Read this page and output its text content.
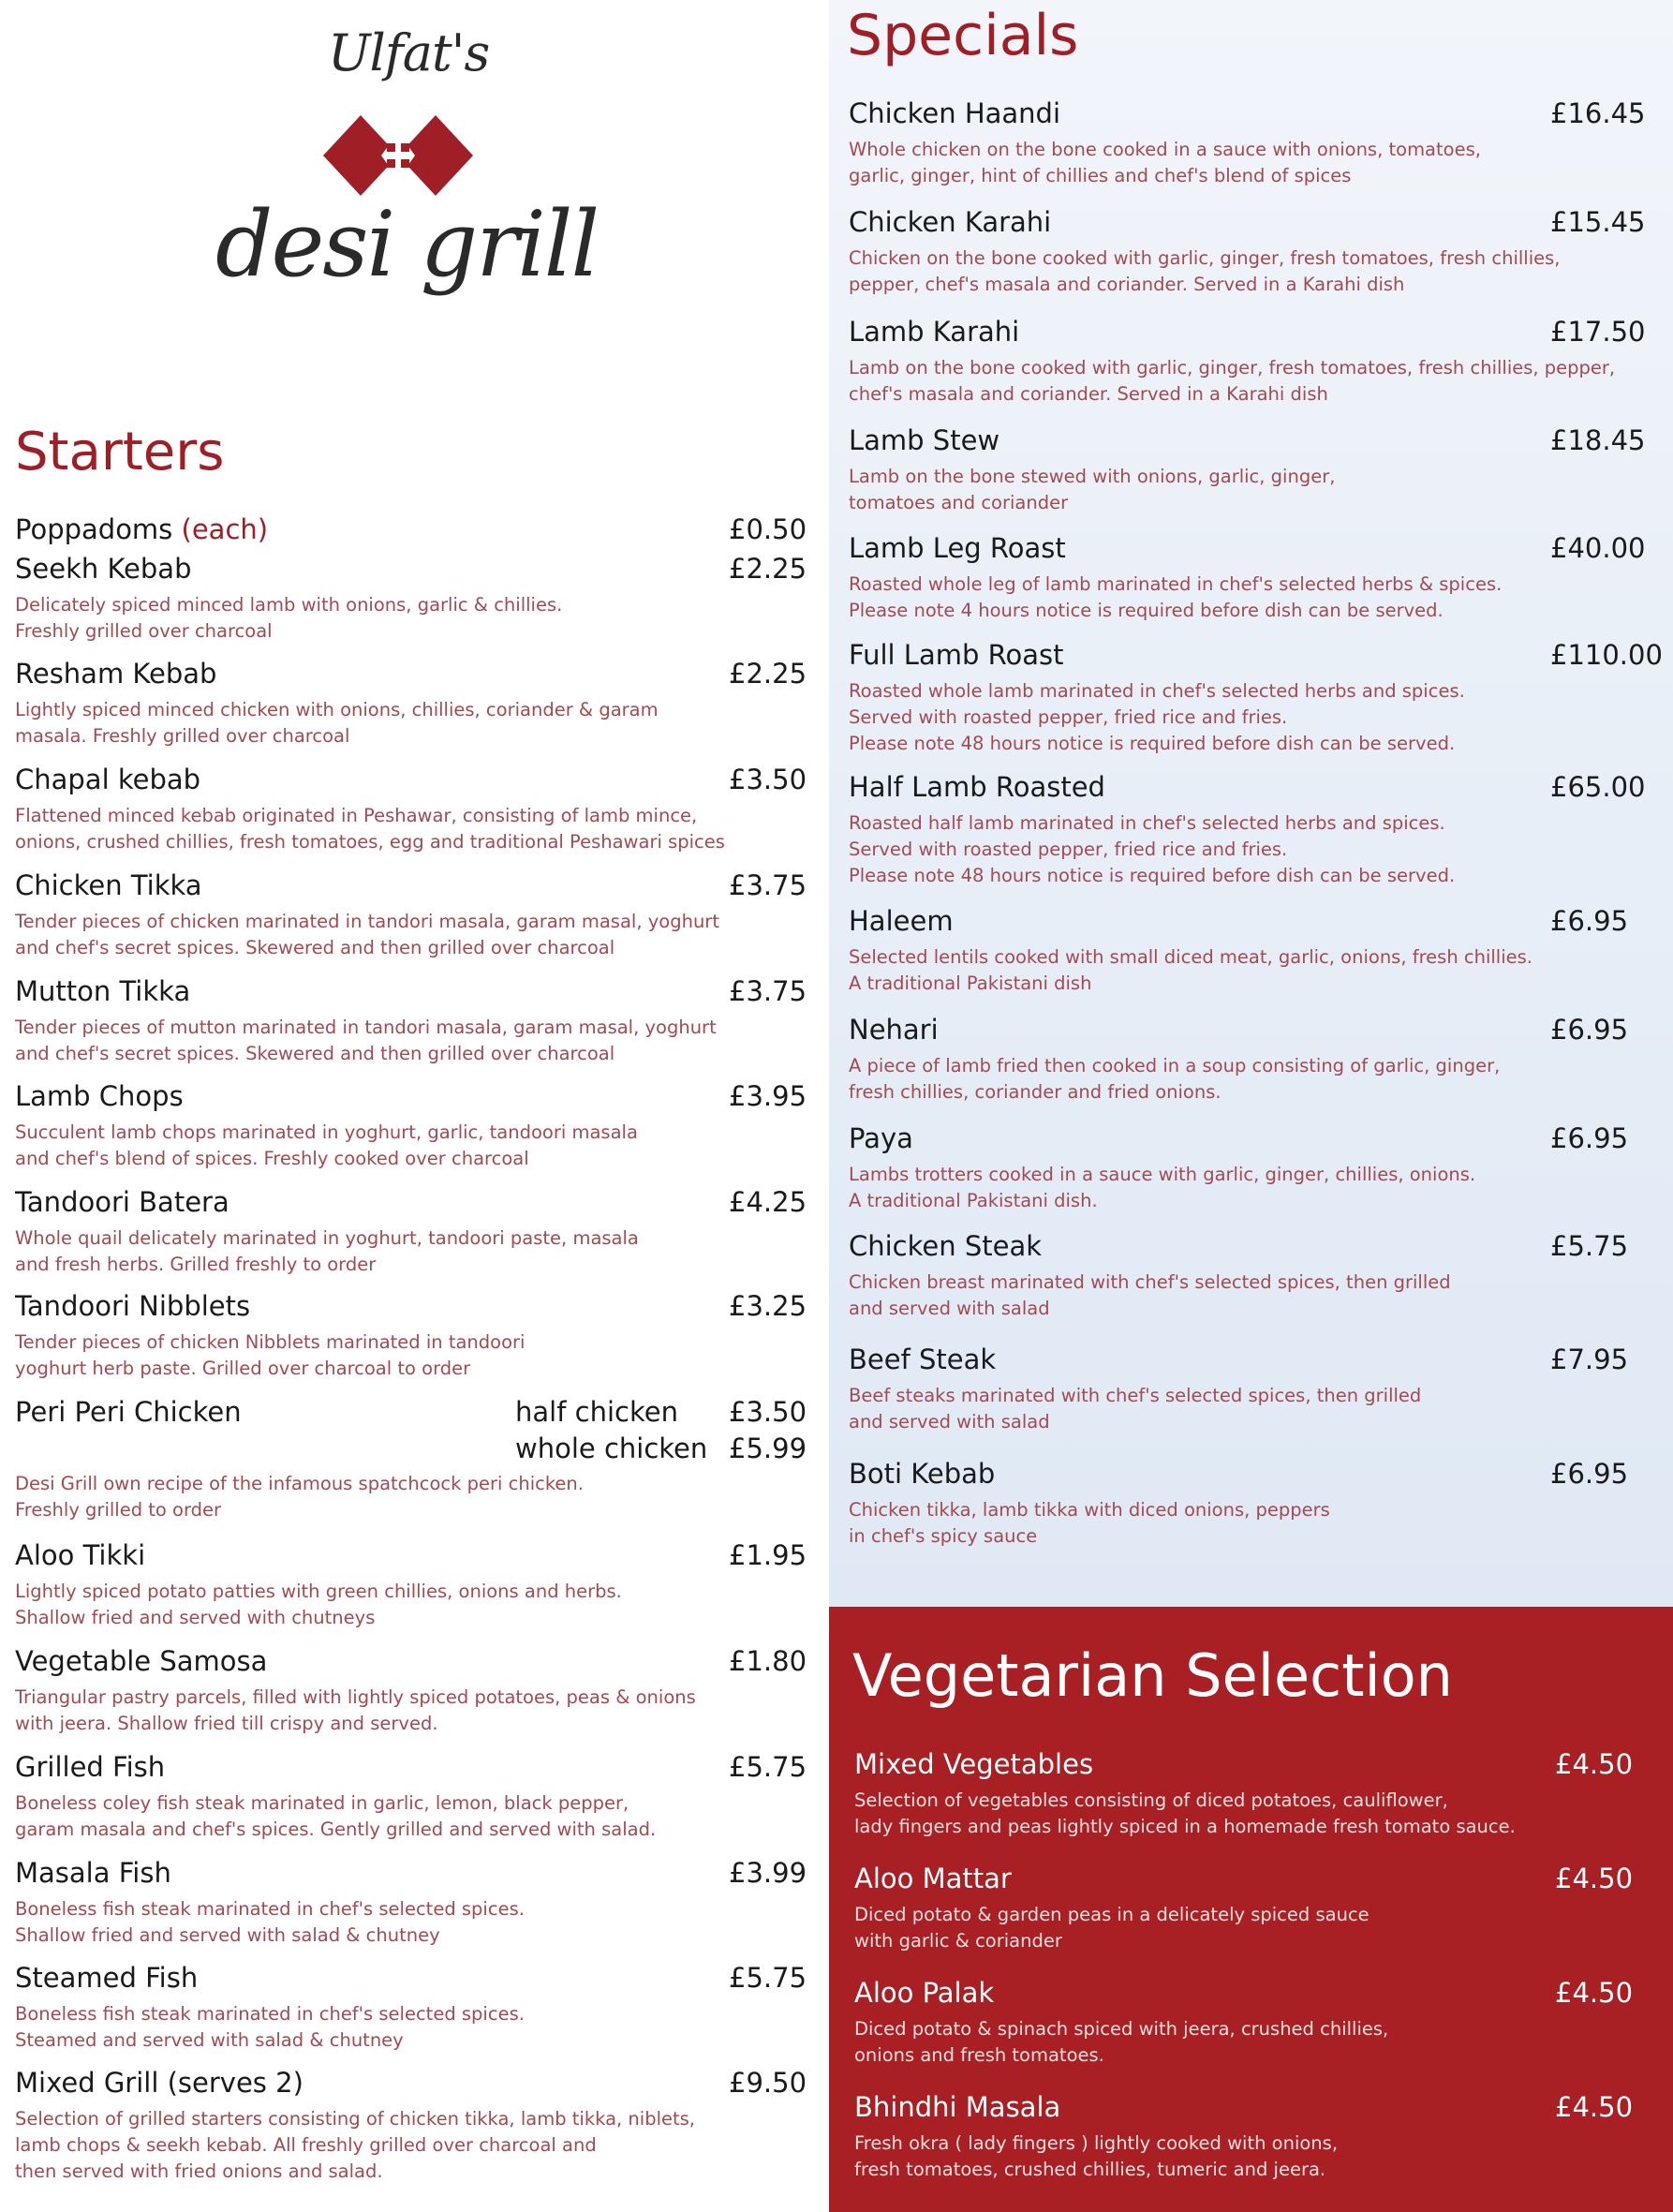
Ulfat's
desi grill
Starters
Poppadoms (each)	£0.50
Seekh Kebab	£2.25
Delicately spiced minced lamb with onions, garlic & chillies.
Freshly grilled over charcoal
Resham Kebab	£2.25
Lightly spiced minced chicken with onions, chillies, coriander & garam
masala. Freshly grilled over charcoal
Chapal kebab	£3.50
Flattened minced kebab originated in Peshawar, consisting of lamb mince,
onions, crushed chillies, fresh tomatoes, egg and traditional Peshawari spices
Chicken Tikka	£3.75
Tender pieces of chicken marinated in tandori masala, garam masal, yoghurt
and chef's secret spices. Skewered and then grilled over charcoal
Mutton Tikka	£3.75
Tender pieces of mutton marinated in tandori masala, garam masal, yoghurt
and chef's secret spices. Skewered and then grilled over charcoal
Lamb Chops	£3.95
Succulent lamb chops marinated in yoghurt, garlic, tandoori masala
and chef's blend of spices. Freshly cooked over charcoal
Tandoori Batera	£4.25
Whole quail delicately marinated in yoghurt, tandoori paste, masala
and fresh herbs. Grilled freshly to order
Tandoori Nibblets	£3.25
Tender pieces of chicken Nibblets marinated in tandoori
yoghurt herb paste. Grilled over charcoal to order
Peri Peri Chicken	half chicken £3.50
whole chicken £5.99
Desi Grill own recipe of the infamous spatchcock peri chicken.
Freshly grilled to order
Aloo Tikki	£1.95
Lightly spiced potato patties with green chillies, onions and herbs.
Shallow fried and served with chutneys
Vegetable Samosa	£1.80
Triangular pastry parcels, filled with lightly spiced potatoes, peas & onions
with jeera. Shallow fried till crispy and served.
Grilled Fish	£5.75
Boneless coley fish steak marinated in garlic, lemon, black pepper,
garam masala and chef's spices. Gently grilled and served with salad.
Masala Fish	£3.99
Boneless fish steak marinated in chef's selected spices.
Shallow fried and served with salad & chutney
Steamed Fish	£5.75
Boneless fish steak marinated in chef's selected spices.
Steamed and served with salad & chutney
Mixed Grill (serves 2)	£9.50
Selection of grilled starters consisting of chicken tikka, lamb tikka, niblets,
lamb chops & seekh kebab. All freshly grilled over charcoal and
then served with fried onions and salad.
Specials
Chicken Haandi	£16.45
Whole chicken on the bone cooked in a sauce with onions, tomatoes,
garlic, ginger, hint of chillies and chef's blend of spices
Chicken Karahi	£15.45
Chicken on the bone cooked with garlic, ginger, fresh tomatoes, fresh chillies,
pepper, chef's masala and coriander. Served in a Karahi dish
Lamb Karahi	£17.50
Lamb on the bone cooked with garlic, ginger, fresh tomatoes, fresh chillies, pepper,
chef's masala and coriander. Served in a Karahi dish
Lamb Stew	£18.45
Lamb on the bone stewed with onions, garlic, ginger,
tomatoes and coriander
Lamb Leg Roast	£40.00
Roasted whole leg of lamb marinated in chef's selected herbs & spices.
Please note 4 hours notice is required before dish can be served.
Full Lamb Roast	£110.00
Roasted whole lamb marinated in chef's selected herbs and spices.
Served with roasted pepper, fried rice and fries.
Please note 48 hours notice is required before dish can be served.
Half Lamb Roasted	£65.00
Roasted half lamb marinated in chef's selected herbs and spices.
Served with roasted pepper, fried rice and fries.
Please note 48 hours notice is required before dish can be served.
Haleem	£6.95
Selected lentils cooked with small diced meat, garlic, onions, fresh chillies.
A traditional Pakistani dish
Nehari	£6.95
A piece of lamb fried then cooked in a soup consisting of garlic, ginger,
fresh chillies, coriander and fried onions.
Paya	£6.95
Lambs trotters cooked in a sauce with garlic, ginger, chillies, onions.
A traditional Pakistani dish.
Chicken Steak	£5.75
Chicken breast marinated with chef's selected spices, then grilled
and served with salad
Beef Steak	£7.95
Beef steaks marinated with chef's selected spices, then grilled
and served with salad
Boti Kebab	£6.95
Chicken tikka, lamb tikka with diced onions, peppers
in chef's spicy sauce
Vegetarian Selection
Mixed Vegetables	£4.50
Selection of vegetables consisting of diced potatoes, cauliflower,
lady fingers and peas lightly spiced in a homemade fresh tomato sauce.
Aloo Mattar	£4.50
Diced potato & garden peas in a delicately spiced sauce
with garlic & coriander
Aloo Palak	£4.50
Diced potato & spinach spiced with jeera, crushed chillies,
onions and fresh tomatoes.
Bhindhi Masala	£4.50
Fresh okra ( lady fingers ) lightly cooked with onions,
fresh tomatoes, crushed chillies, tumeric and jeera.
